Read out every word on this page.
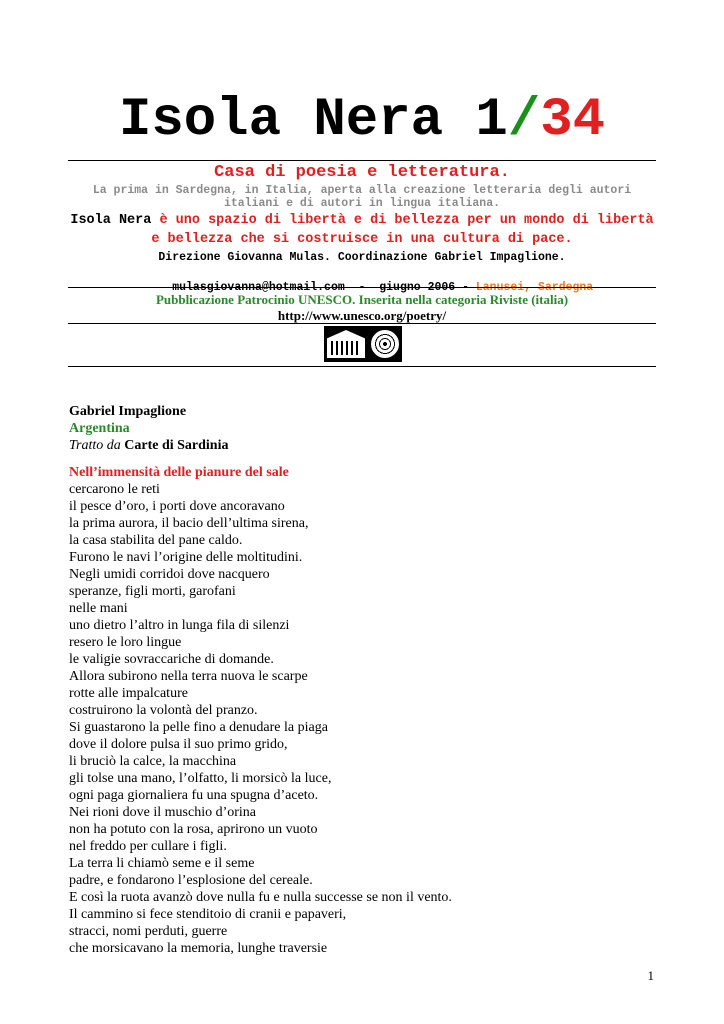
Isola Nera 1/34
Casa di poesia e letteratura.
La prima in Sardegna, in Italia, aperta alla creazione letteraria degli autori italiani e di autori in lingua italiana.
Isola Nera è uno spazio di libertà e di bellezza per un mondo di libertà e bellezza che si costruisce in una cultura di pace.
Direzione Giovanna Mulas. Coordinazione Gabriel Impaglione.

mulasgiovanna@hotmail.com  -  giugno 2006 - Lanusei, Sardegna

Pubblicazione Patrocinio UNESCO. Inserita nella categoria Riviste (italia)
http://www.unesco.org/poetry/
Gabriel Impaglione
Argentina
Tratto da Carte di Sardinia
Nell’immensità delle pianure del sale
cercarono le reti
il pesce d’oro, i porti dove ancoravano
la prima aurora, il bacio dell’ultima sirena,
la casa stabilita del pane caldo.
Furono le navi l’origine delle moltitudini.
Negli umidi corridoi dove nacquero
speranze, figli morti, garofani
nelle mani
uno dietro l’altro in lunga fila di silenzi
resero le loro lingue
le valigie sovraccariche di domande.
Allora subirono nella terra nuova le scarpe
rotte alle impalcature
costruirono la volontà del pranzo.
Si guastarono la pelle fino a denudare la piaga
dove il dolore pulsa il suo primo grido,
li bruciò la calce, la macchina
gli tolse una mano, l’olfatto, li morsicò la luce,
ogni paga giornaliera fu una spugna d’aceto.
Nei rioni dove il muschio d’orina
non ha potuto con la rosa, aprirono un vuoto
nel freddo per cullare i figli.
La terra li chiamò seme e il seme
padre, e fondarono l’esplosione del cereale.
E così la ruota avanzò dove nulla fu e nulla successe se non il vento.
Il cammino si fece stenditoio di cranii e papaveri,
stracci, nomi perduti, guerre
che morsicavano la memoria, lunghe traversie
1
